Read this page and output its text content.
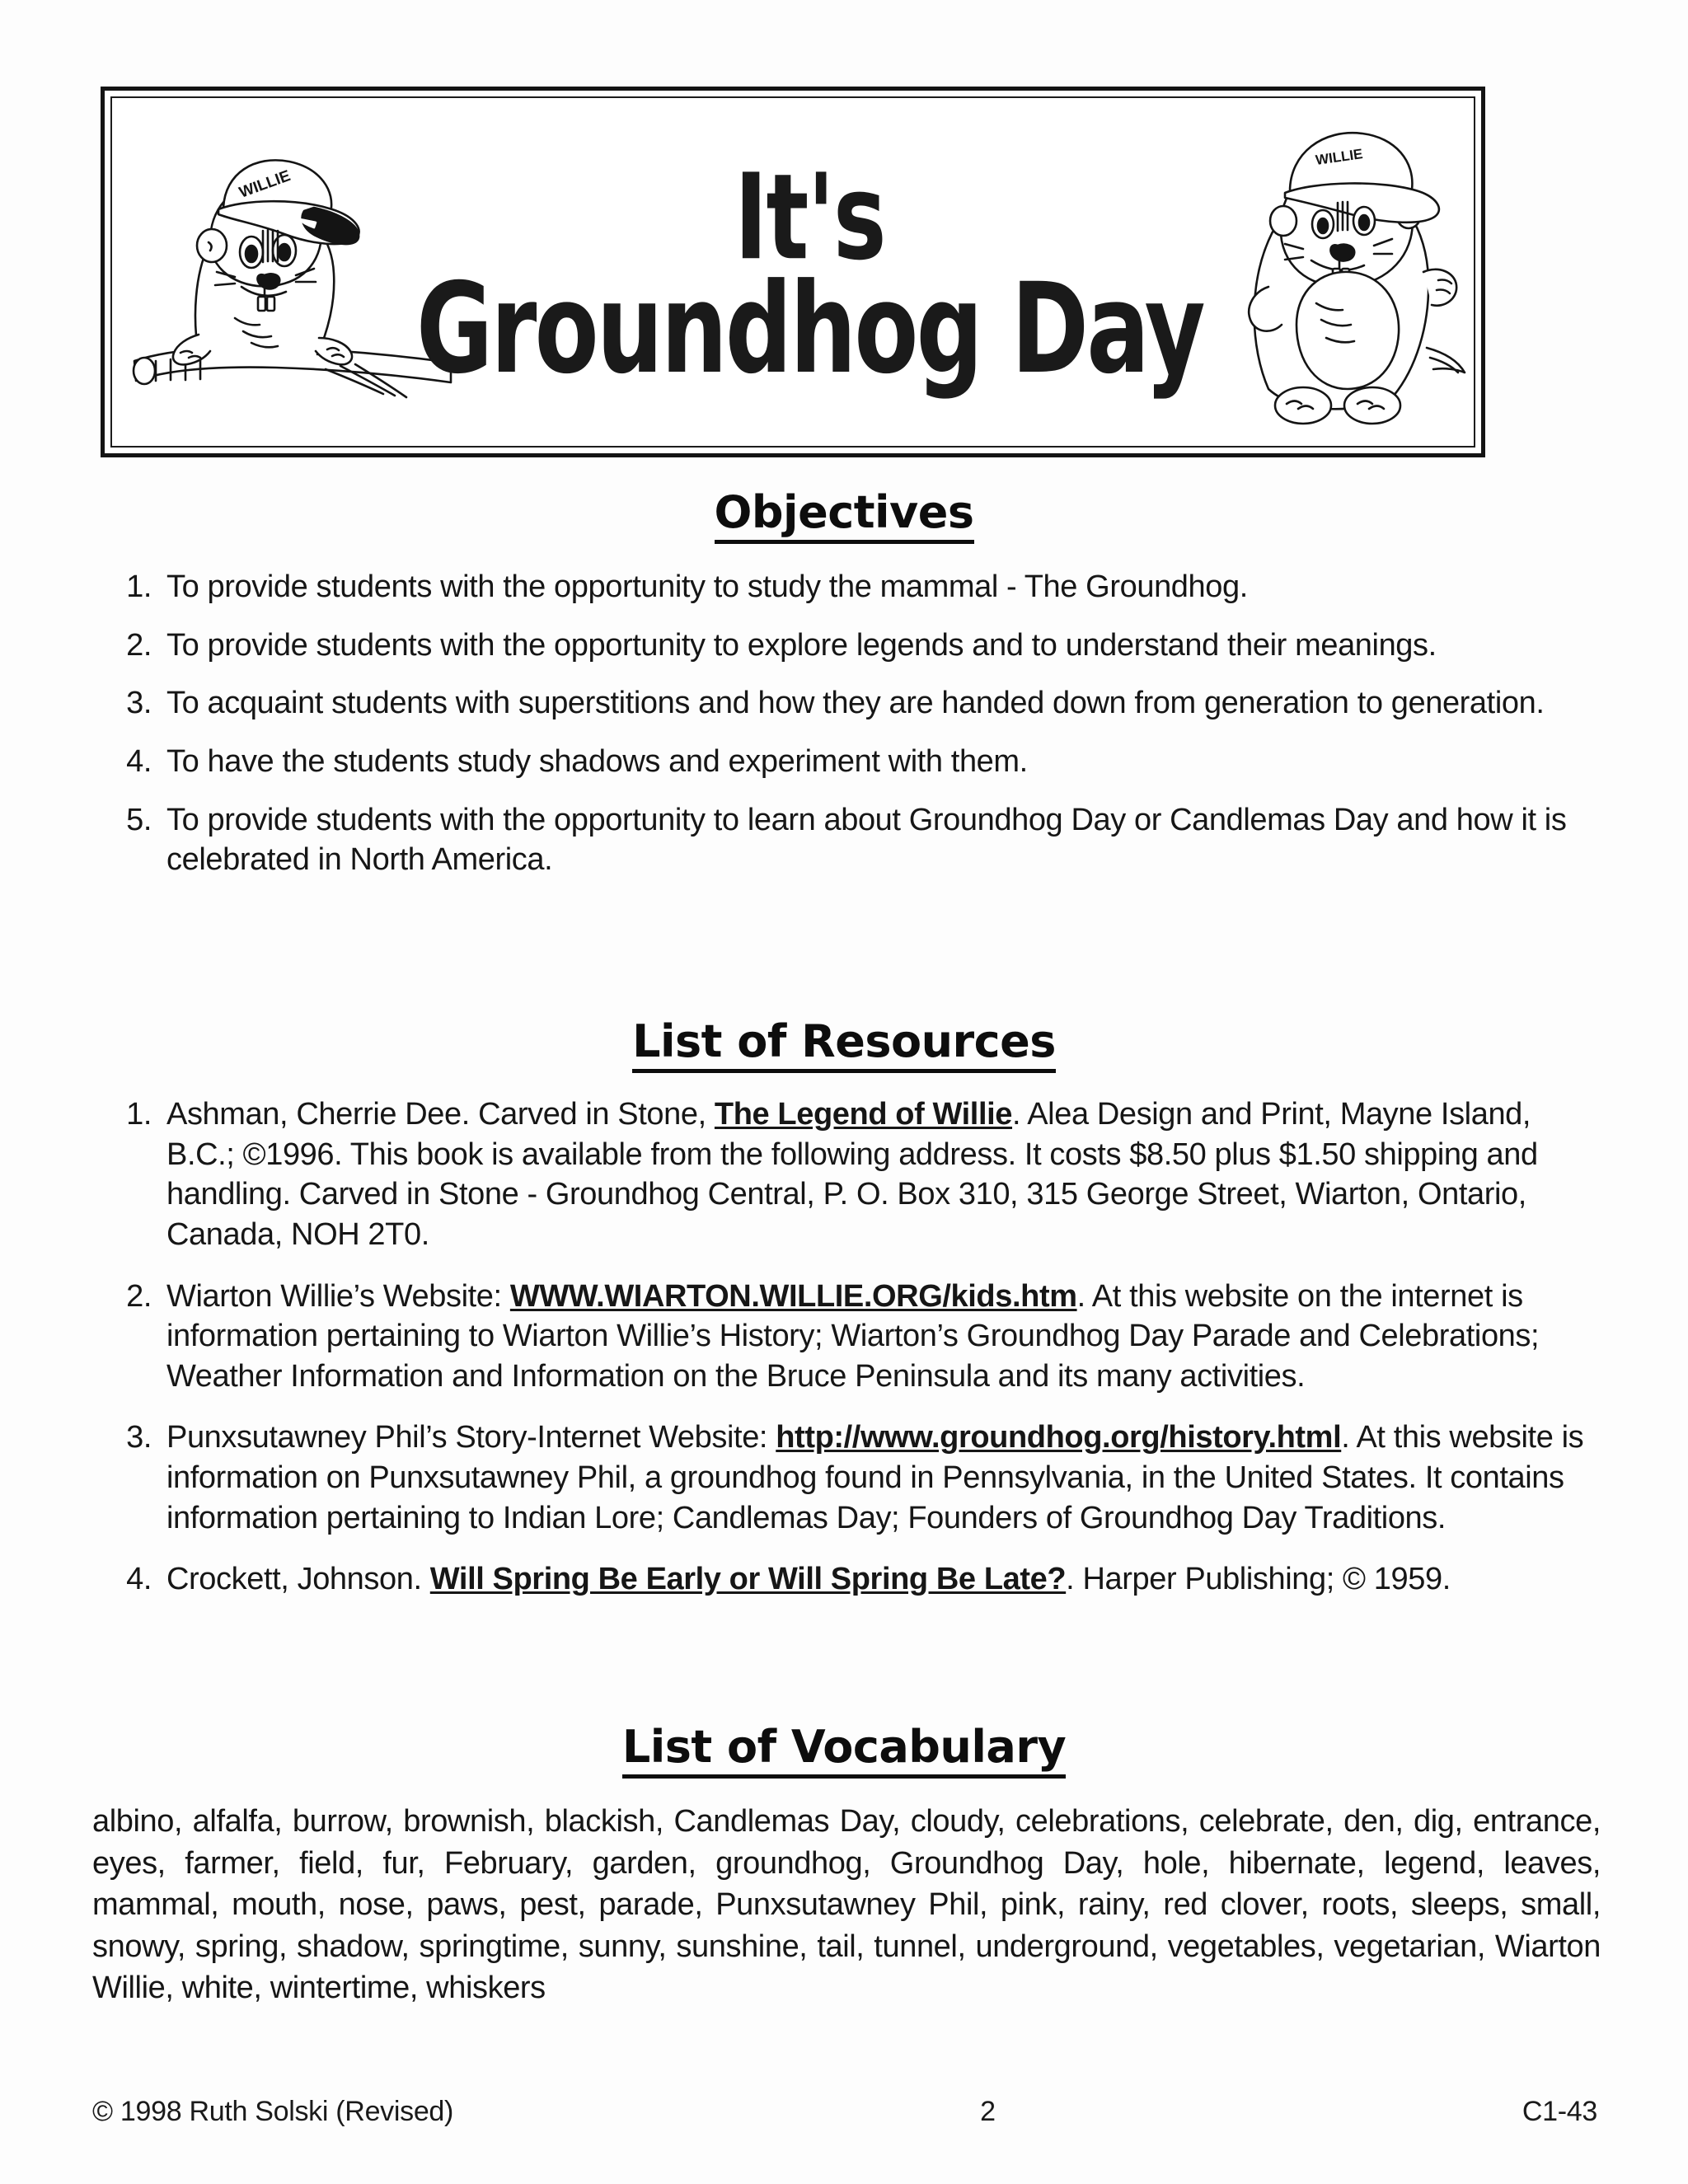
WILLIE	It's
Groundhog Day
WILLIE
Objectives
1. To provide students with the opportunity to study the mammal - The Groundhog.
2. To provide students with the opportunity to explore legends and to understand their meanings.
3. To acquaint students with superstitions and how they are handed down from generation to generation.
4. To have the students study shadows and experiment with them.
5. To provide students with the opportunity to learn about Groundhog Day or Candlemas Day and how it is celebrated in North America.
List of Resources
1. Ashman, Cherrie Dee. Carved in Stone, The Legend of Willie. Alea Design and Print, Mayne Island, B.C.; ©1996. This book is available from the following address. It costs $8.50 plus $1.50 shipping and handling. Carved in Stone - Groundhog Central, P. O. Box 310, 315 George Street, Wiarton, Ontario, Canada, NOH 2T0.
2. Wiarton Willie’s Website: WWW.WIARTON.WILLIE.ORG/kids.htm. At this website on the internet is information pertaining to Wiarton Willie’s History; Wiarton’s Groundhog Day Parade and Celebrations; Weather Information and Information on the Bruce Peninsula and its many activities.
3. Punxsutawney Phil’s Story-Internet Website: http://www.groundhog.org/history.html. At this website is information on Punxsutawney Phil, a groundhog found in Pennsylvania, in the United States. It contains information pertaining to Indian Lore; Candlemas Day; Founders of Groundhog Day Traditions.
4. Crockett, Johnson. Will Spring Be Early or Will Spring Be Late?. Harper Publishing; © 1959.
List of Vocabulary
albino, alfalfa, burrow, brownish, blackish, Candlemas Day, cloudy, celebrations, celebrate, den, dig, entrance, eyes, farmer, field, fur, February, garden, groundhog, Groundhog Day, hole, hibernate, legend, leaves, mammal, mouth, nose, paws, pest, parade, Punxsutawney Phil, pink, rainy, red clover, roots, sleeps, small, snowy, spring, shadow, springtime, sunny, sunshine, tail, tunnel, underground, vegetables, vegetarian, Wiarton Willie, white, wintertime, whiskers
© 1998 Ruth Solski (Revised)	2	C1-43
